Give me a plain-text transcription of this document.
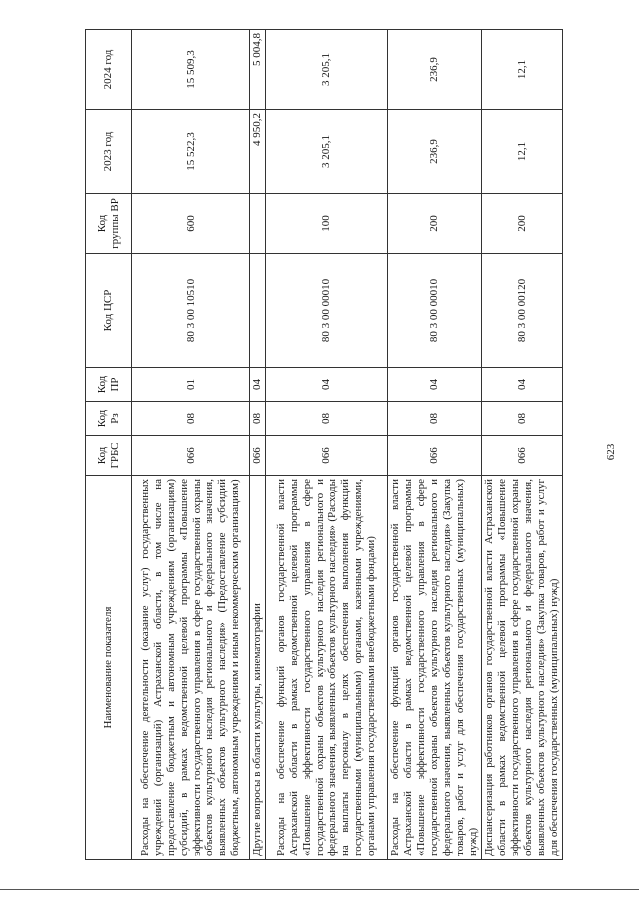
623
Наименование показателя	Код ГРБС	Код Рз	Код ПР	Код ЦСР	Код группы ВР	2023 год	2024 год
Расходы на обеспечение деятельности (оказание услуг) государственных учреждений (организаций) Астраханской области, в том числе на предоставление бюджетным и автономным учреждениям (организациям) субсидий, в рамках ведомственной целевой программы «Повышение эффективности государственного управления в сфере государственной охраны объектов культурного наследия регионального и федерального значения, выявленных объектов культурного наследия» (Предоставление субсидий бюджетным, автономным учреждениям и иным некоммерческим организациям)	066	08	01	80 3 00 10510	600	15 522,3	15 509,3
Другие вопросы в области культуры, кинематографии	066	08	04			4 950,2	5 004,8
Расходы на обеспечение функций органов государственной власти Астраханской области в рамках ведомственной целевой программы «Повышение эффективности государственного управления в сфере государственной охраны объектов культурного наследия регионального и федерального значения, выявленных объектов культурного наследия» (Расходы на выплаты персоналу в целях обеспечения выполнения функций государственными (муниципальными) органами, казенными учреждениями, органами управления государственными внебюджетными фондами)	066	08	04	80 3 00 00010	100	3 205,1	3 205,1
Расходы на обеспечение функций органов государственной власти Астраханской области в рамках ведомственной целевой программы «Повышение эффективности государственного управления в сфере государственной охраны объектов культурного наследия регионального и федерального значения, выявленных объектов культурного наследия» (Закупка товаров, работ и услуг для обеспечения государственных (муниципальных) нужд)	066	08	04	80 3 00 00010	200	236,9	236,9
Диспансеризация работников органов государственной власти Астраханской области в рамках ведомственной целевой программы «Повышение эффективности государственного управления в сфере государственной охраны объектов культурного наследия регионального и федерального значения, выявленных объектов культурного наследия» (Закупка товаров, работ и услуг для обеспечения государственных (муниципальных) нужд)	066	08	04	80 3 00 00120	200	12,1	12,1
